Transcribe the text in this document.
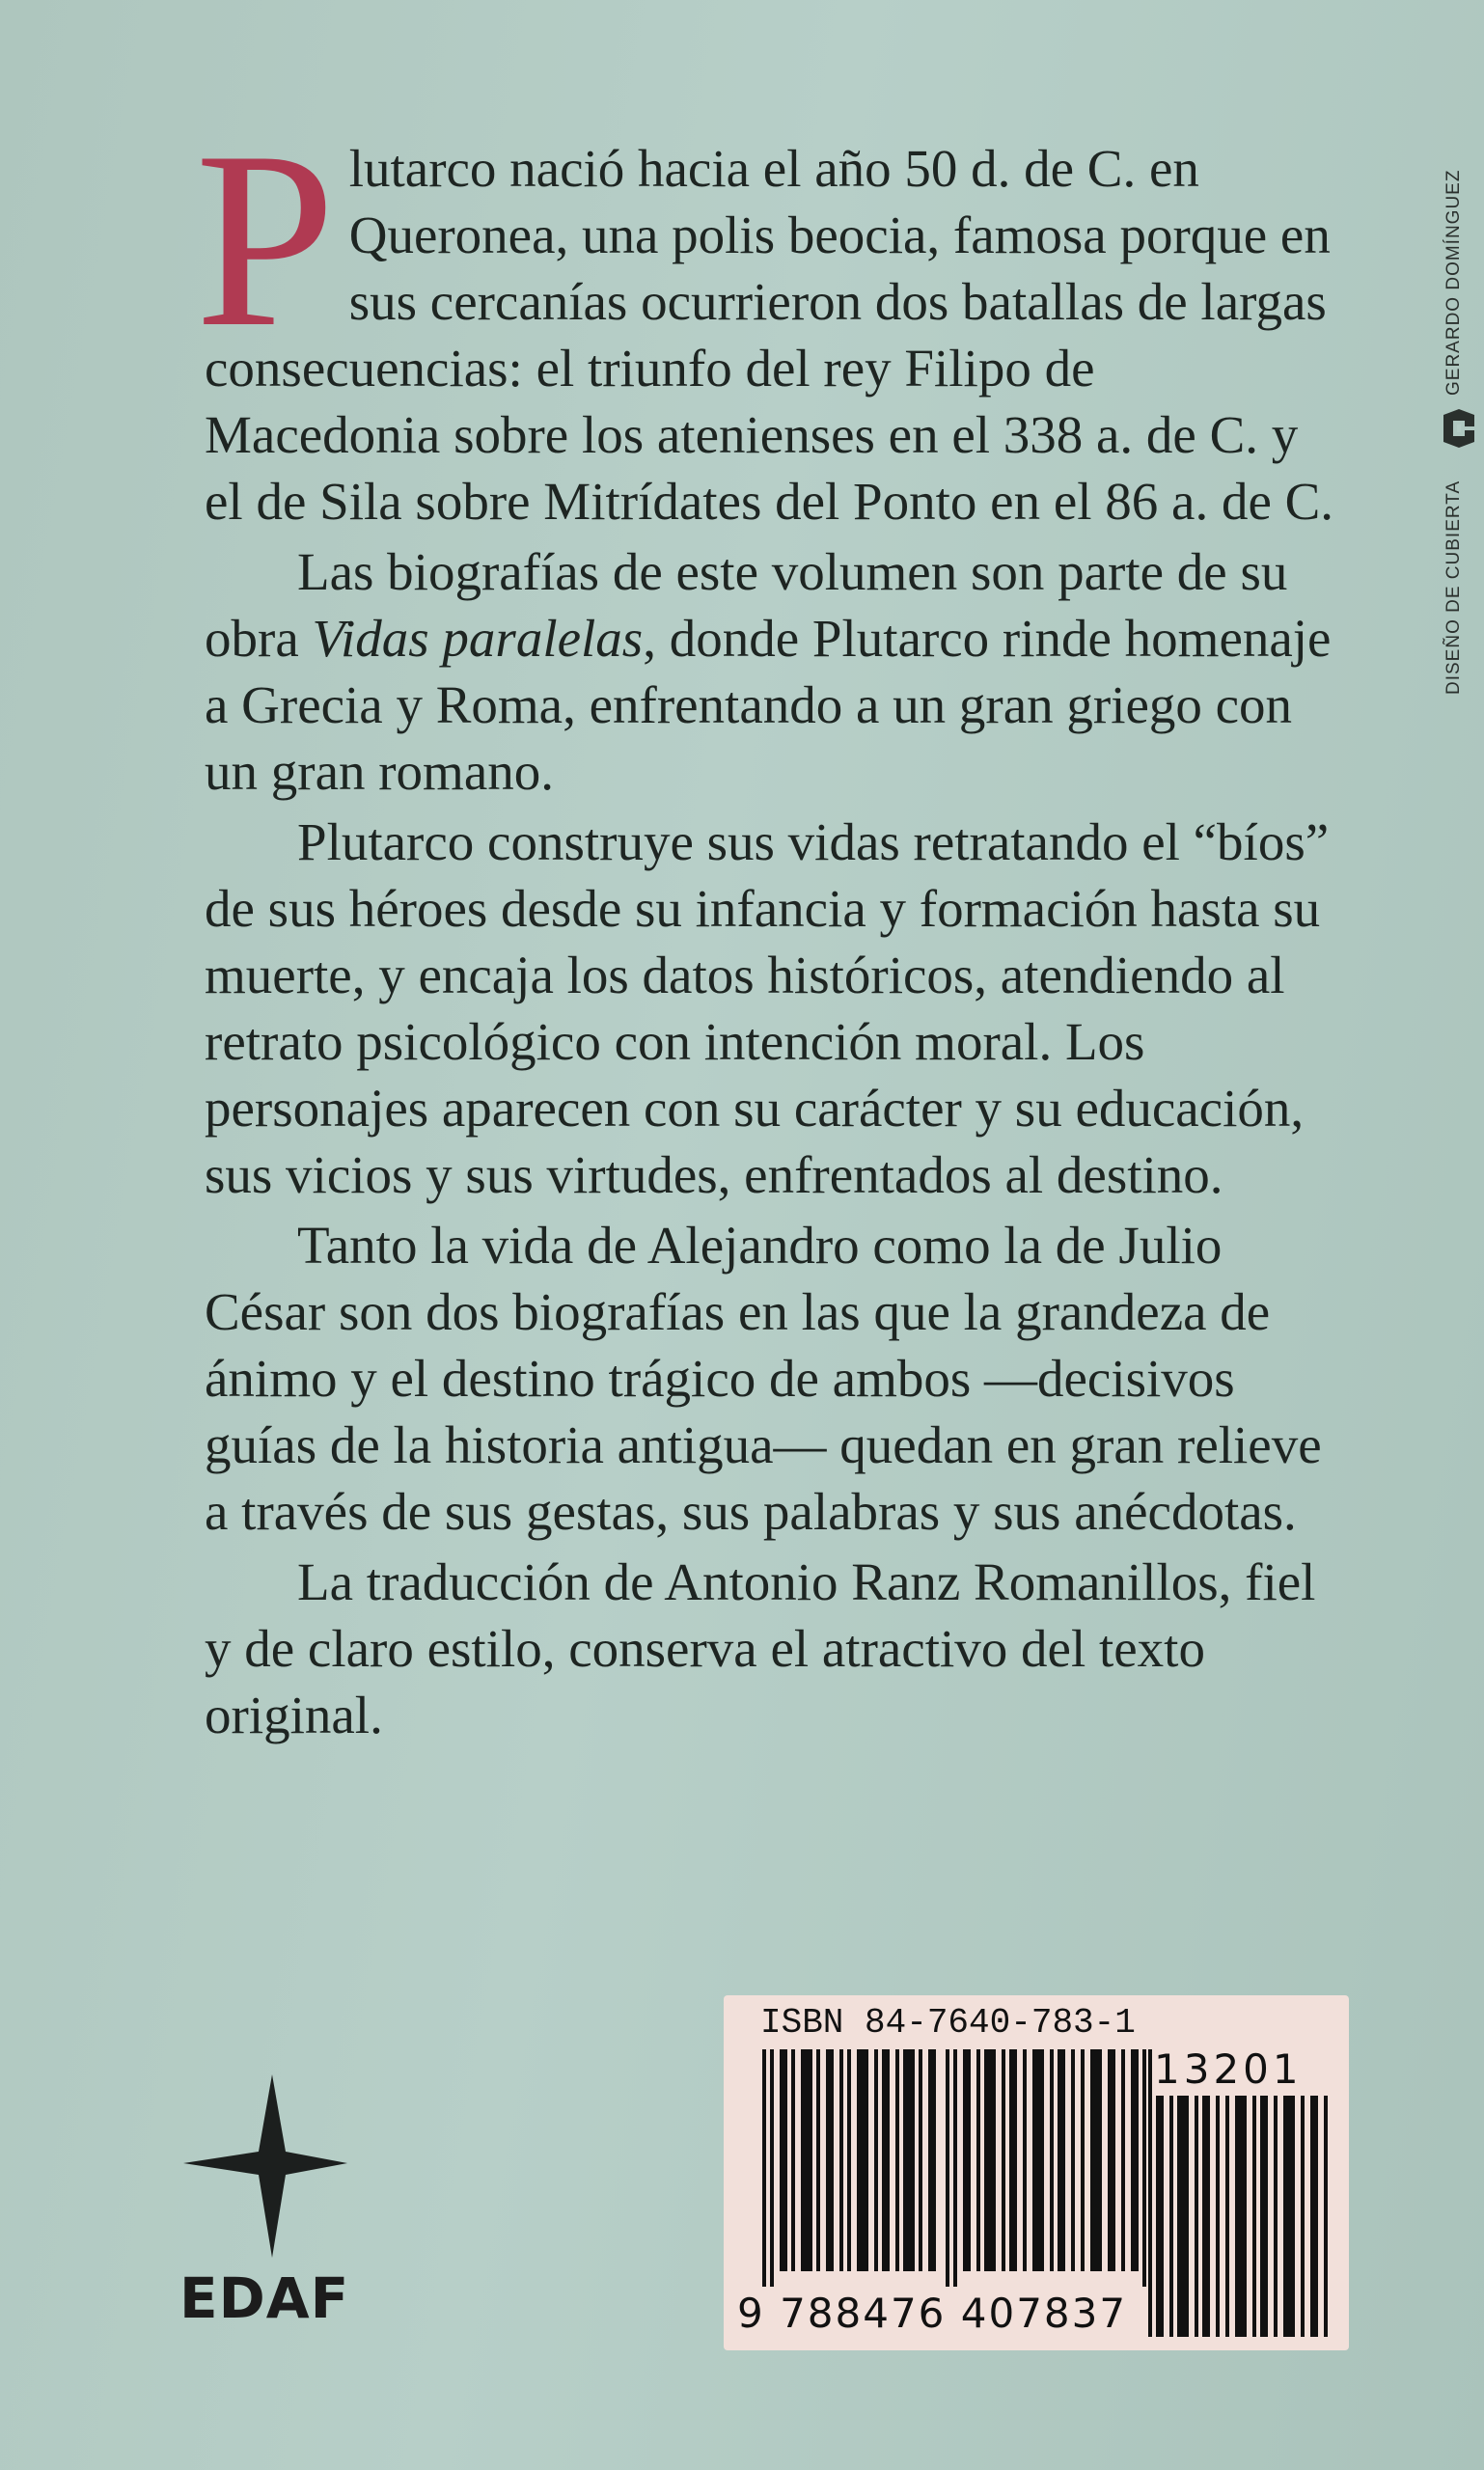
Plutarco nació hacia el año 50 d. de C. en Queronea, una polis beocia, famosa porque en sus cercanías ocurrieron dos batallas de largas consecuencias: el triunfo del rey Filipo de Macedonia sobre los atenienses en el 338 a. de C. y el de Sila sobre Mitrídates del Ponto en el 86 a. de C.

Las biografías de este volumen son parte de su obra Vidas paralelas, donde Plutarco rinde homenaje a Grecia y Roma, enfrentando a un gran griego con un gran romano.

Plutarco construye sus vidas retratando el “bíos” de sus héroes desde su infancia y formación hasta su muerte, y encaja los datos históricos, atendiendo al retrato psicológico con intención moral. Los personajes aparecen con su carácter y su educación, sus vicios y sus virtudes, enfrentados al destino.

Tanto la vida de Alejandro como la de Julio César son dos biografías en las que la grandeza de ánimo y el destino trágico de ambos —decisivos guías de la historia antigua— quedan en gran relieve a través de sus gestas, sus palabras y sus anécdotas.

La traducción de Antonio Ranz Romanillos, fiel y de claro estilo, conserva el atractivo del texto original.

GERARDO DOMÍNGUEZ
DISEÑO DE CUBIERTA
EDAF
ISBN 84-7640-783-1
9 788476 407837
13201
